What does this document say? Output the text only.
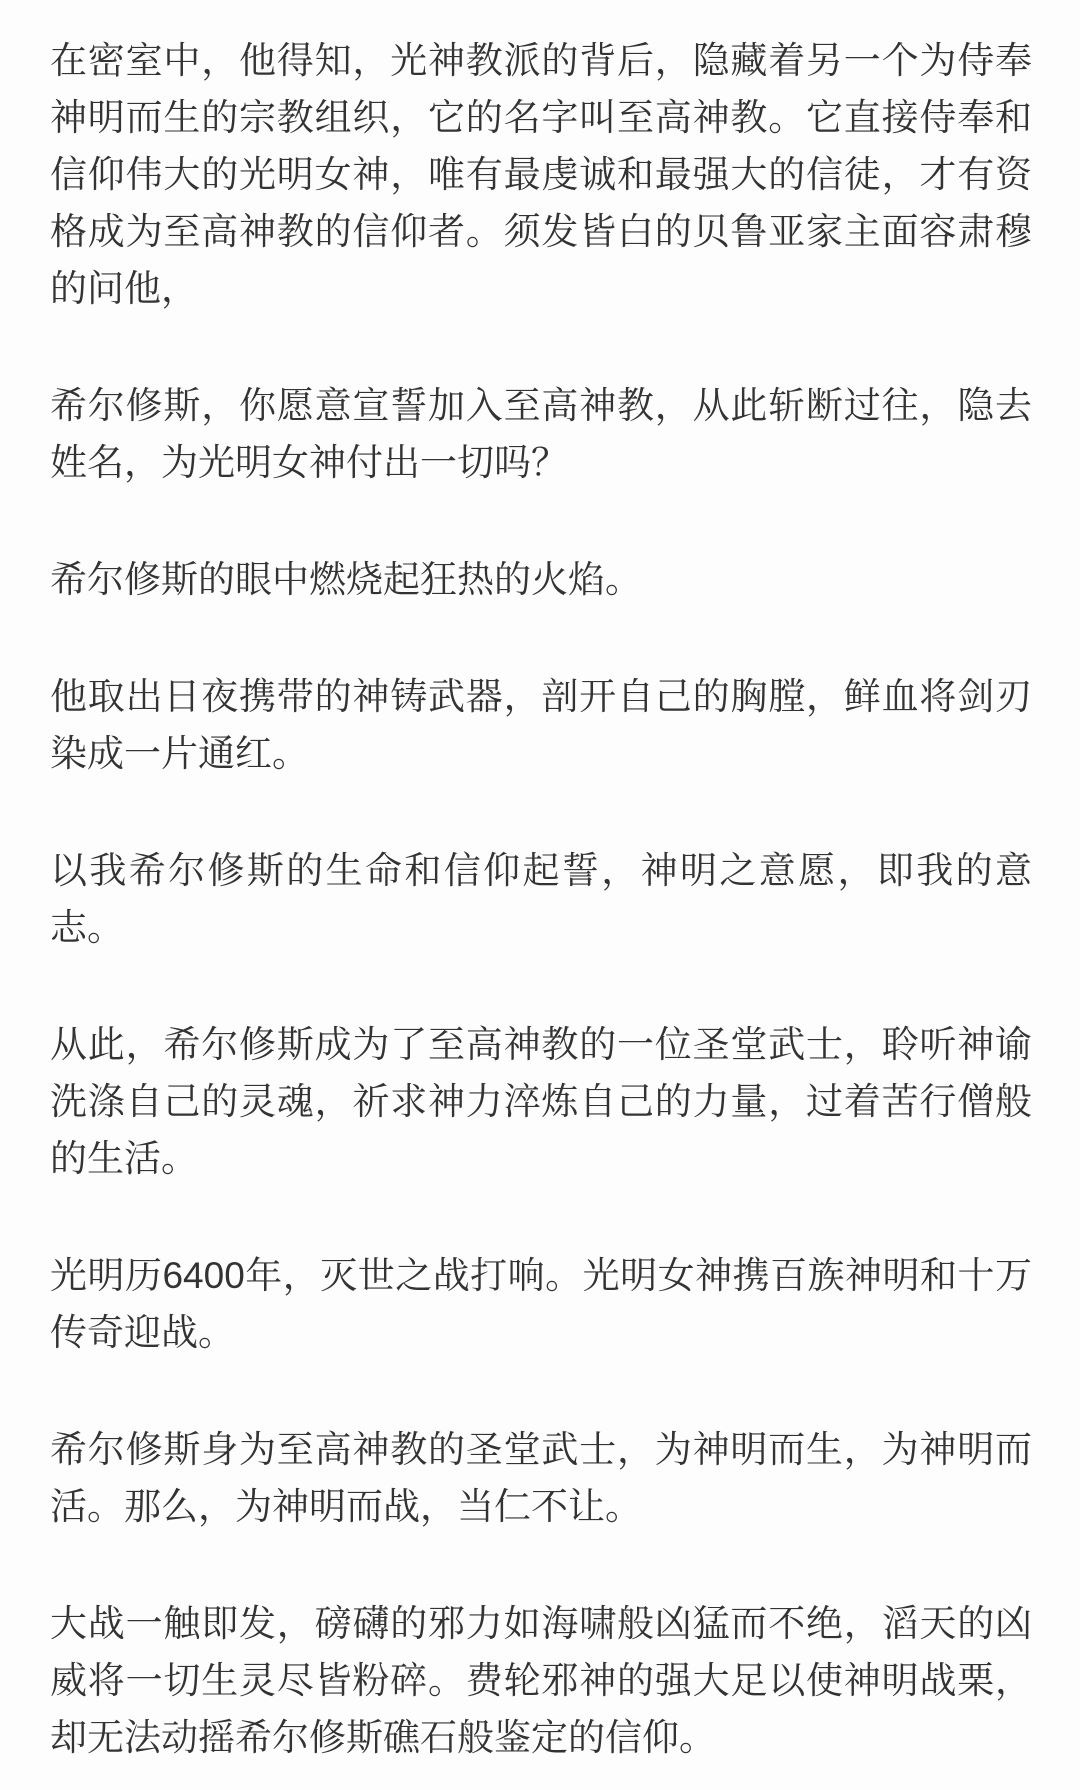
在密室中，他得知，光神教派的背后，隐藏着另一个为侍奉神明而生的宗教组织，它的名字叫至高神教。它直接侍奉和信仰伟大的光明女神，唯有最虔诚和最强大的信徒，才有资格成为至高神教的信仰者。须发皆白的贝鲁亚家主面容肃穆的问他，

希尔修斯，你愿意宣誓加入至高神教，从此斩断过往，隐去姓名，为光明女神付出一切吗？

希尔修斯的眼中燃烧起狂热的火焰。

他取出日夜携带的神铸武器，剖开自己的胸膛，鲜血将剑刃染成一片通红。

以我希尔修斯的生命和信仰起誓，神明之意愿，即我的意志。

从此，希尔修斯成为了至高神教的一位圣堂武士，聆听神谕洗涤自己的灵魂，祈求神力淬炼自己的力量，过着苦行僧般的生活。

光明历6400年，灭世之战打响。光明女神携百族神明和十万传奇迎战。

希尔修斯身为至高神教的圣堂武士，为神明而生，为神明而活。那么，为神明而战，当仁不让。

大战一触即发，磅礴的邪力如海啸般凶猛而不绝，滔天的凶威将一切生灵尽皆粉碎。费轮邪神的强大足以使神明战栗，却无法动摇希尔修斯礁石般鉴定的信仰。
